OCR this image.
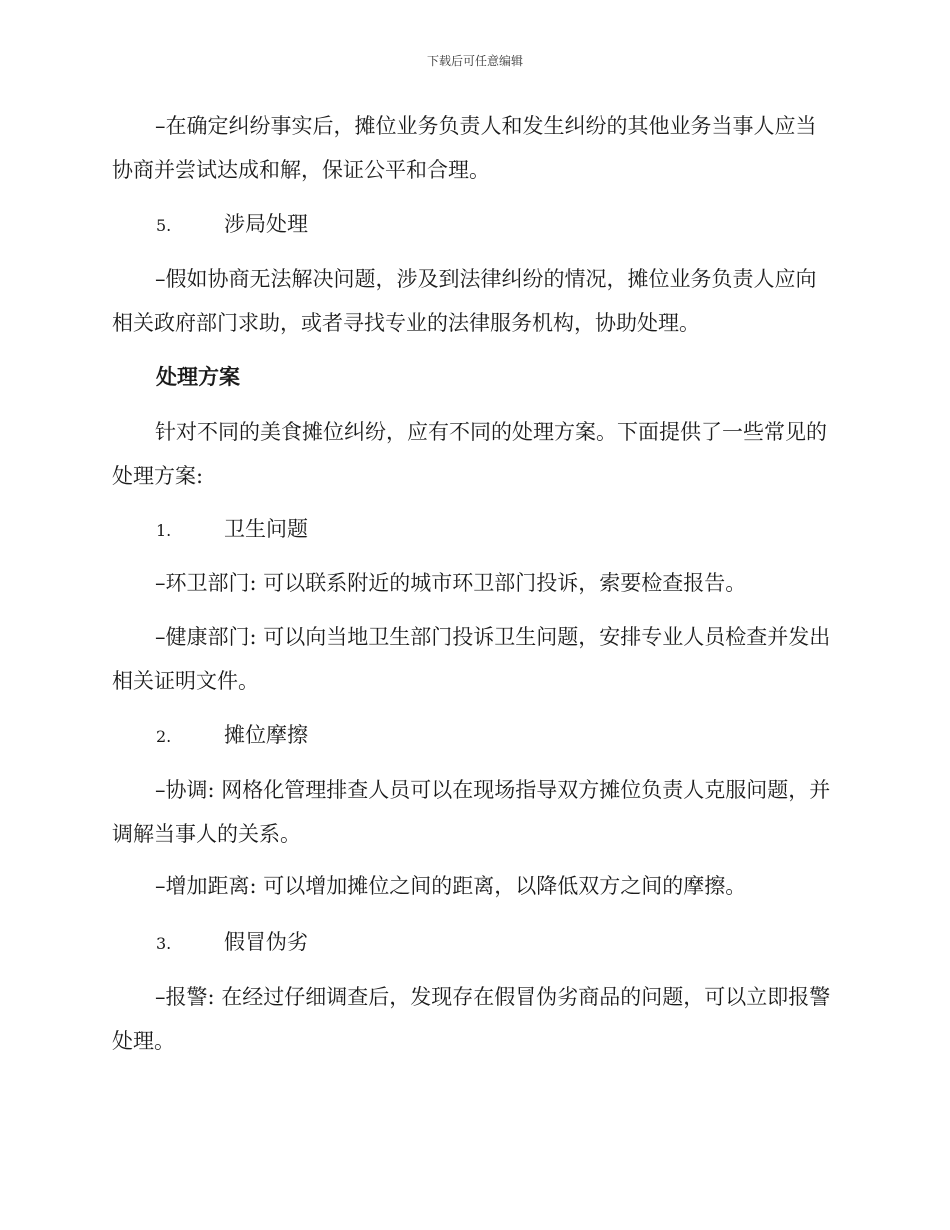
下载后可任意编辑

–在确定纠纷事实后，摊位业务负责人和发生纠纷的其他业务当事人应当协商并尝试达成和解，保证公平和合理。

5.	涉局处理

–假如协商无法解决问题，涉及到法律纠纷的情况，摊位业务负责人应向相关政府部门求助，或者寻找专业的法律服务机构，协助处理。

处理方案

针对不同的美食摊位纠纷，应有不同的处理方案。下面提供了一些常见的处理方案:

1.	卫生问题

–环卫部门: 可以联系附近的城市环卫部门投诉，索要检查报告。

–健康部门: 可以向当地卫生部门投诉卫生问题，安排专业人员检查并发出相关证明文件。

2.	摊位摩擦

–协调: 网格化管理排查人员可以在现场指导双方摊位负责人克服问题，并调解当事人的关系。

–增加距离: 可以增加摊位之间的距离，以降低双方之间的摩擦。

3.	假冒伪劣

–报警: 在经过仔细调查后，发现存在假冒伪劣商品的问题，可以立即报警处理。
